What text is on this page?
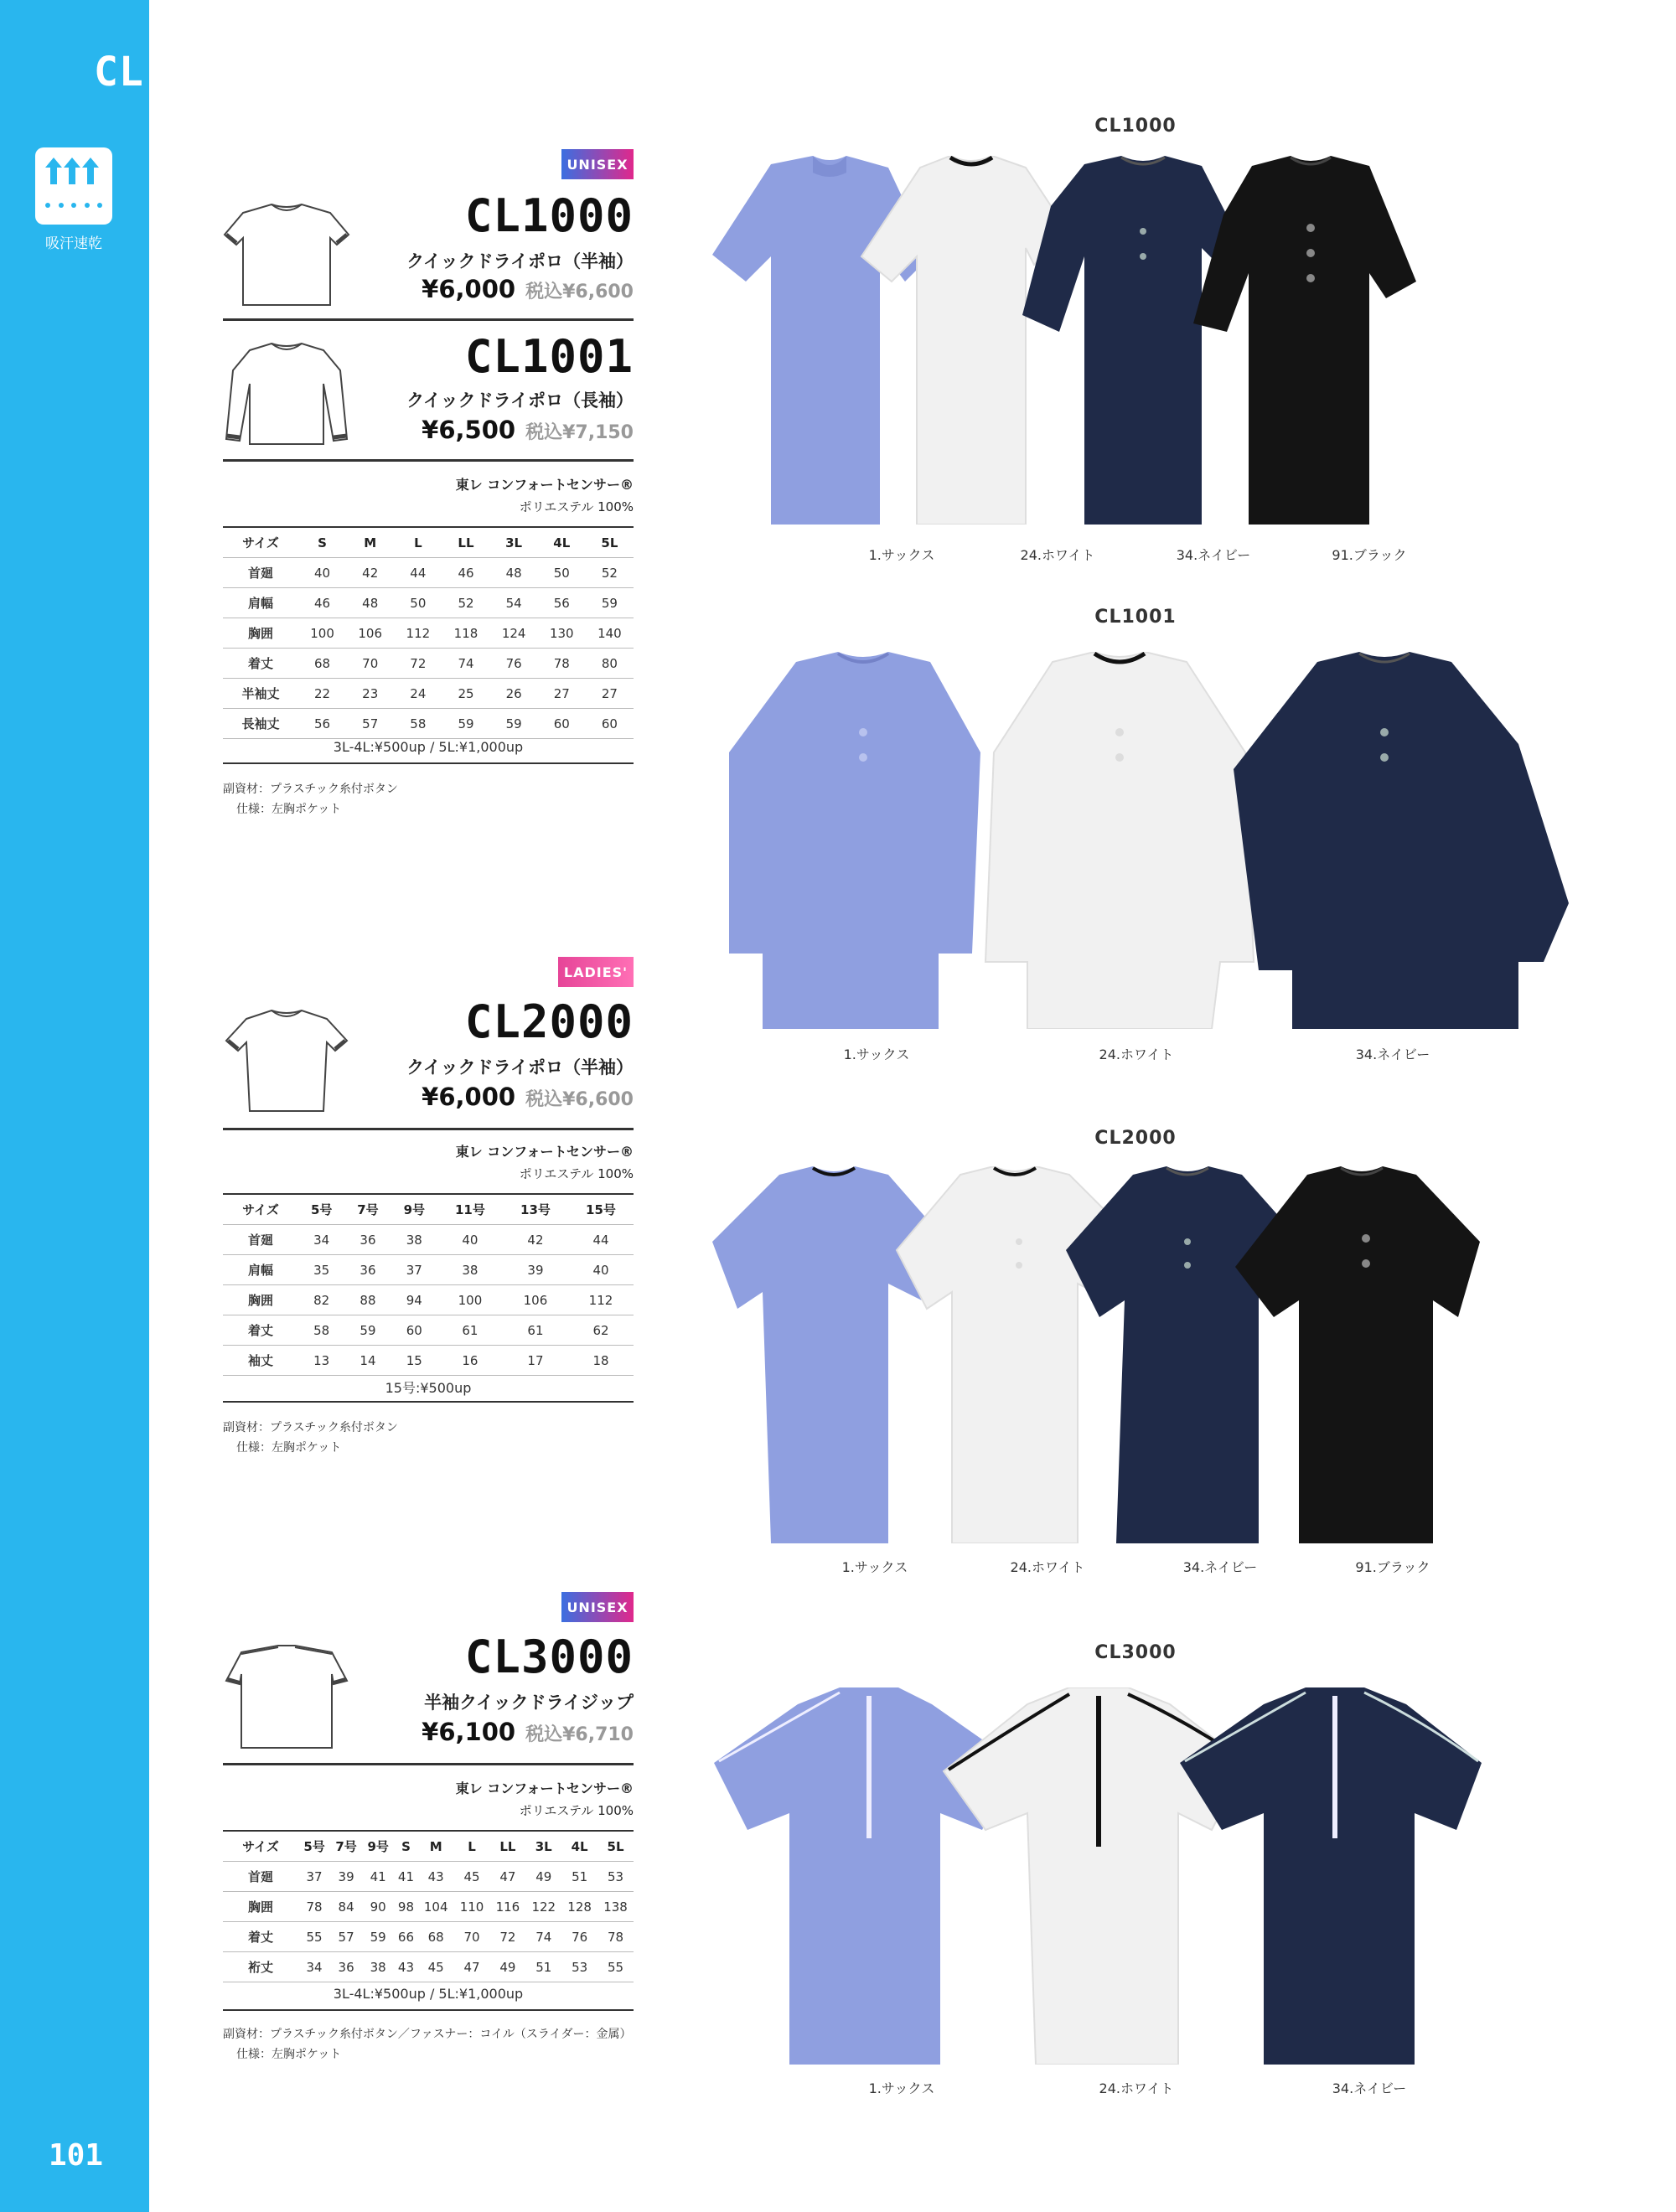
CL series
吸汗速乾
101
UNISEX
CL1000
クイックドライポロ（半袖）
¥6,000 税込¥6,600
CL1001
クイックドライポロ（長袖）
¥6,500 税込¥7,150
東レ コンフォートセンサー®
ポリエステル 100%
サイズ	S	M	L	LL	3L	4L	5L
首廻	40	42	44	46	48	50	52
肩幅	46	48	50	52	54	56	59
胸囲	100	106	112	118	124	130	140
着丈	68	70	72	74	76	78	80
半袖丈	22	23	24	25	26	27	27
長袖丈	56	57	58	59	59	60	60
3L-4L:¥500up / 5L:¥1,000up
副資材：プラスチック糸付ボタン
仕様：左胸ポケット
LADIES'
CL2000
クイックドライポロ（半袖）
¥6,000 税込¥6,600
東レ コンフォートセンサー®
ポリエステル 100%
サイズ	5号	7号	9号	11号	13号	15号
首廻	34	36	38	40	42	44
肩幅	35	36	37	38	39	40
胸囲	82	88	94	100	106	112
着丈	58	59	60	61	61	62
袖丈	13	14	15	16	17	18
15号:¥500up
副資材：プラスチック糸付ボタン
仕様：左胸ポケット
UNISEX
CL3000
半袖クイックドライジップ
¥6,100 税込¥6,710
東レ コンフォートセンサー®
ポリエステル 100%
サイズ	5号	7号	9号	S	M	L	LL	3L	4L	5L
首廻	37	39	41	41	43	45	47	49	51	53
胸囲	78	84	90	98	104	110	116	122	128	138
着丈	55	57	59	66	68	70	72	74	76	78
裄丈	34	36	38	43	45	47	49	51	53	55
3L-4L:¥500up / 5L:¥1,000up
副資材：プラスチック糸付ボタン／ファスナー：コイル（スライダー：金属）
仕様：左胸ポケット
CL1000
CL1001
CL2000
CL3000
1.サックス	24.ホワイト	34.ネイビー	91.ブラック
1.サックス	24.ホワイト	34.ネイビー
1.サックス	24.ホワイト	34.ネイビー	91.ブラック
1.サックス	24.ホワイト	34.ネイビー
